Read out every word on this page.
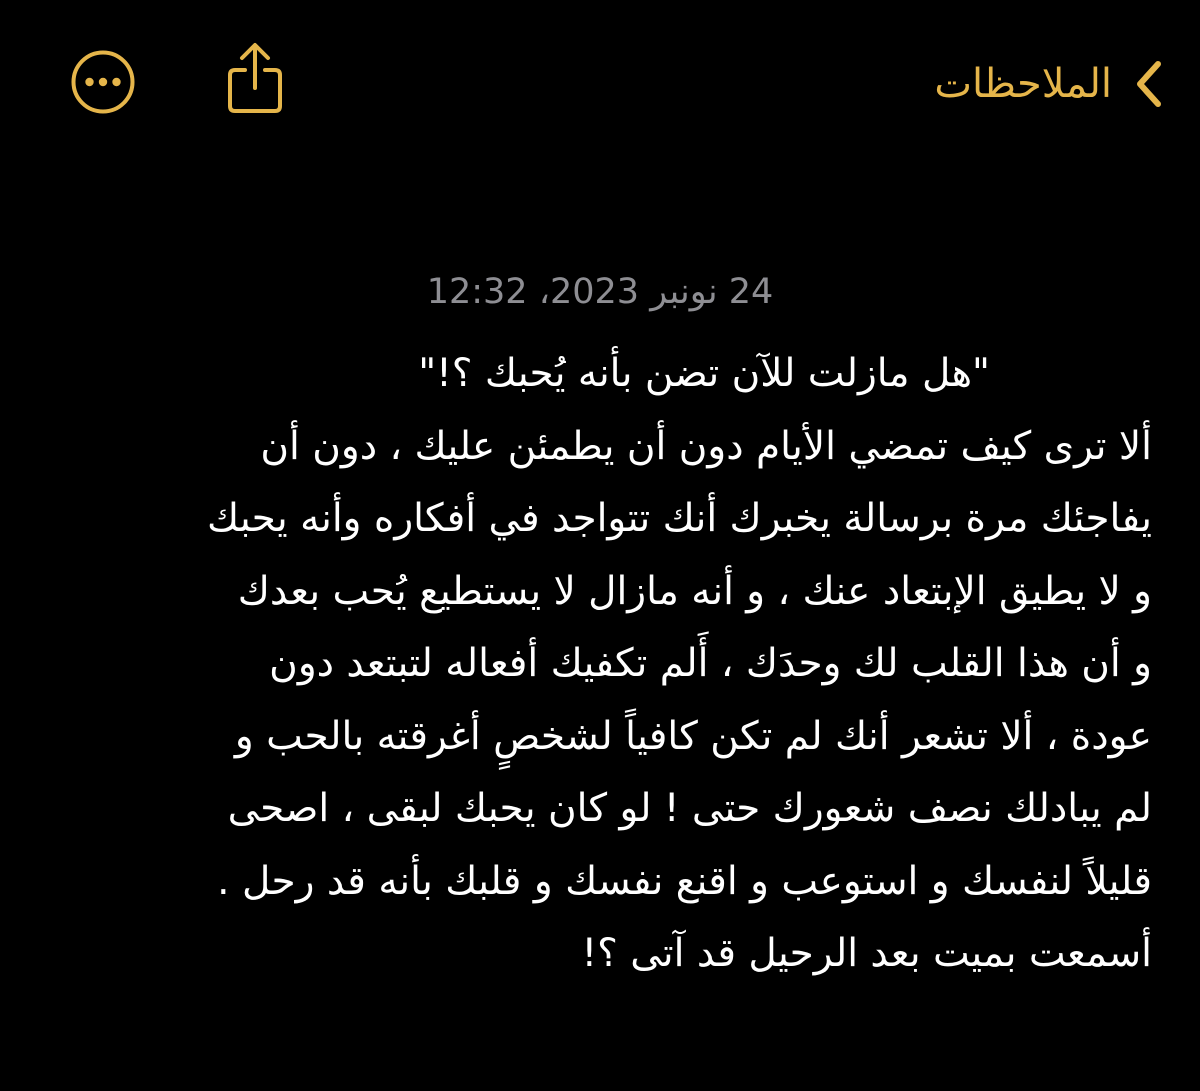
الملاحظات
24 نونبر 2023، 12:32
"هل مازلت للآن تضن بأنه يُحبك ؟!"
ألا ترى كيف تمضي الأيام دون أن يطمئن عليك ، دون أن
يفاجئك مرة برسالة يخبرك أنك تتواجد في أفكاره وأنه يحبك
و لا يطيق الإبتعاد عنك ، و أنه مازال لا يستطيع يُحب بعدك
و أن هذا القلب لك وحدَك ، أَلم تكفيك أفعاله لتبتعد دون
عودة ، ألا تشعر أنك لم تكن كافياً لشخصٍ أغرقته بالحب و
لم يبادلك نصف شعورك حتى ! لو كان يحبك لبقى ، اصحى
قليلاً لنفسك و استوعب و اقنع نفسك و قلبك بأنه قد رحل .
أسمعت بميت بعد الرحيل قد آتى ؟!
